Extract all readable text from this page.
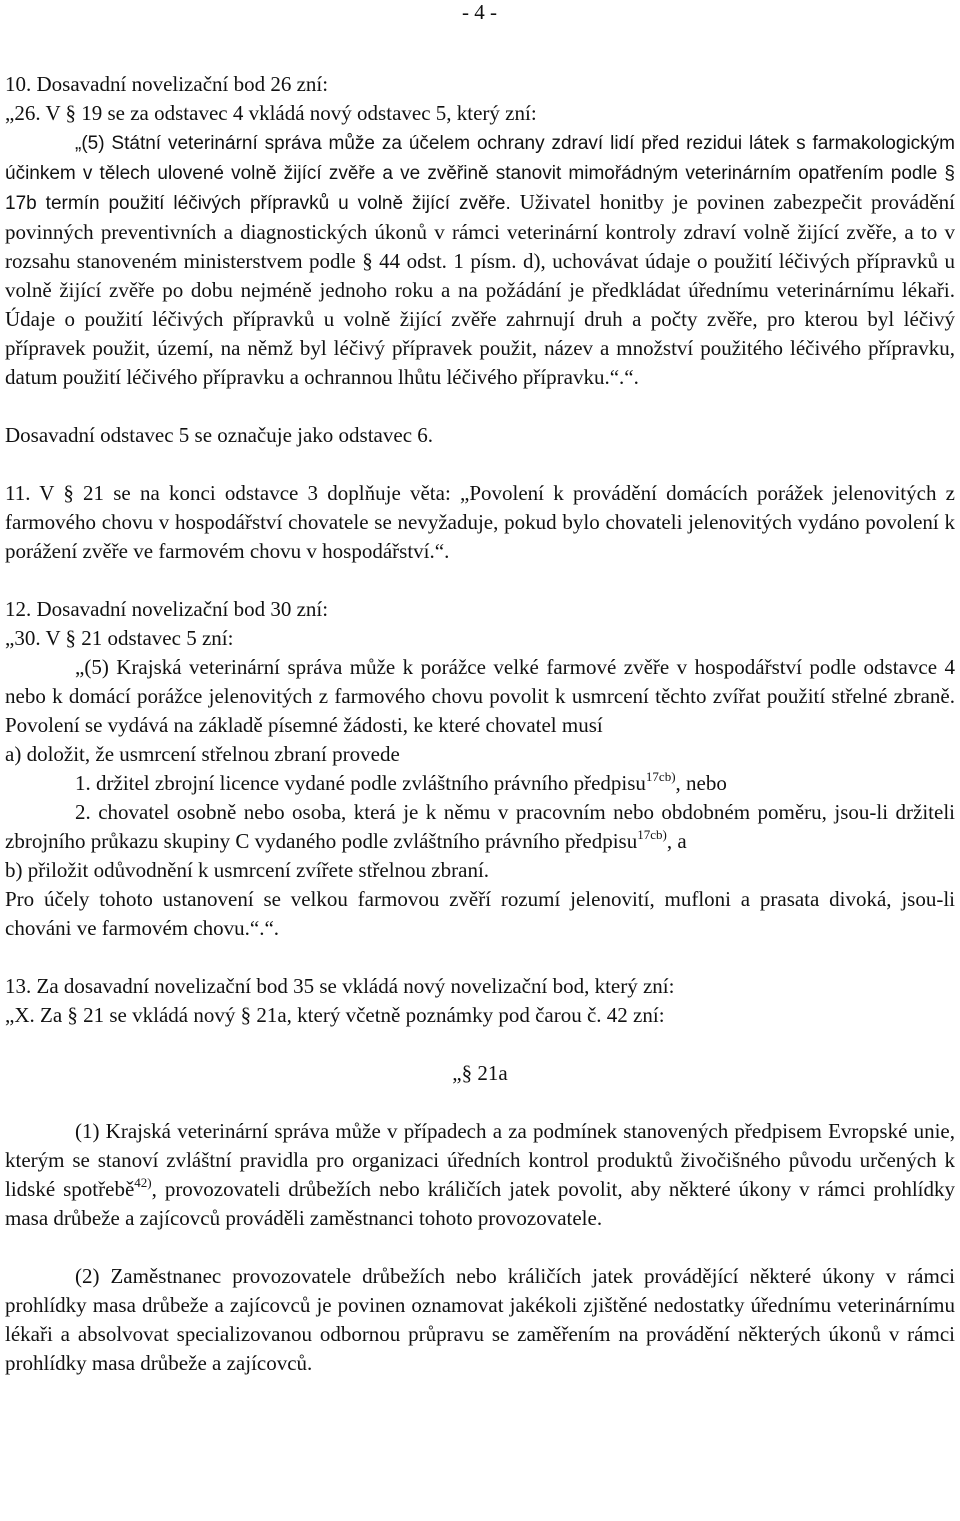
- 4 -

10. Dosavadní novelizační bod 26 zní:

„26. V § 19 se za odstavec 4 vkládá nový odstavec 5, který zní:

„(5) Státní veterinární správa může za účelem ochrany zdraví lidí před rezidui látek s farmakologickým účinkem v tělech ulovené volně žijící zvěře a ve zvěřině stanovit mimořádným veterinárním opatřením podle § 17b termín použití léčivých přípravků u volně žijící zvěře. Uživatel honitby je povinen zabezpečit provádění povinných preventivních a diagnostických úkonů v rámci veterinární kontroly zdraví volně žijící zvěře, a to v rozsahu stanoveném ministerstvem podle § 44 odst. 1 písm. d), uchovávat údaje o použití léčivých přípravků u volně žijící zvěře po dobu nejméně jednoho roku a na požádání je předkládat úřednímu veterinárnímu lékaři. Údaje o použití léčivých přípravků u volně žijící zvěře zahrnují druh a počty zvěře, pro kterou byl léčivý přípravek použit, území, na němž byl léčivý přípravek použit, název a množství použitého léčivého přípravku, datum použití léčivého přípravku a ochrannou lhůtu léčivého přípravku.“.“.

Dosavadní odstavec 5 se označuje jako odstavec 6.

11. V § 21 se na konci odstavce 3 doplňuje věta: „Povolení k provádění domácích porážek jelenovitých z farmového chovu v hospodářství chovatele se nevyžaduje, pokud bylo chovateli jelenovitých vydáno povolení k porážení zvěře ve farmovém chovu v hospodářství.“.

12. Dosavadní novelizační bod 30 zní:

„30. V § 21 odstavec 5 zní:

„(5) Krajská veterinární správa může k porážce velké farmové zvěře v hospodářství podle odstavce 4 nebo k domácí porážce jelenovitých z farmového chovu povolit k usmrcení těchto zvířat použití střelné zbraně. Povolení se vydává na základě písemné žádosti, ke které chovatel musí

a) doložit, že usmrcení střelnou zbraní provede

1. držitel zbrojní licence vydané podle zvláštního právního předpisu$^{17cb)}$, nebo

2. chovatel osobně nebo osoba, která je k němu v pracovním nebo obdobném poměru, jsou-li držiteli zbrojního průkazu skupiny C vydaného podle zvláštního právního předpisu$^{17cb)}$, a

b) přiložit odůvodnění k usmrcení zvířete střelnou zbraní.

Pro účely tohoto ustanovení se velkou farmovou zvěří rozumí jelenovití, mufloni a prasata divoká, jsou-li chováni ve farmovém chovu.“.“.

13. Za dosavadní novelizační bod 35 se vkládá nový novelizační bod, který zní:

„X. Za § 21 se vkládá nový § 21a, který včetně poznámky pod čarou č. 42 zní:

„§ 21a

(1) Krajská veterinární správa může v případech a za podmínek stanovených předpisem Evropské unie, kterým se stanoví zvláštní pravidla pro organizaci úředních kontrol produktů živočišného původu určených k lidské spotřebě$^{42)}$, provozovateli drůbežích nebo králičích jatek povolit, aby některé úkony v rámci prohlídky masa drůbeže a zajícovců prováděli zaměstnanci tohoto provozovatele.

(2) Zaměstnanec provozovatele drůbežích nebo králičích jatek provádějící některé úkony v rámci prohlídky masa drůbeže a zajícovců je povinen oznamovat jakékoli zjištěné nedostatky úřednímu veterinárnímu lékaři a absolvovat specializovanou odbornou průpravu se zaměřením na provádění některých úkonů v rámci prohlídky masa drůbeže a zajícovců.
